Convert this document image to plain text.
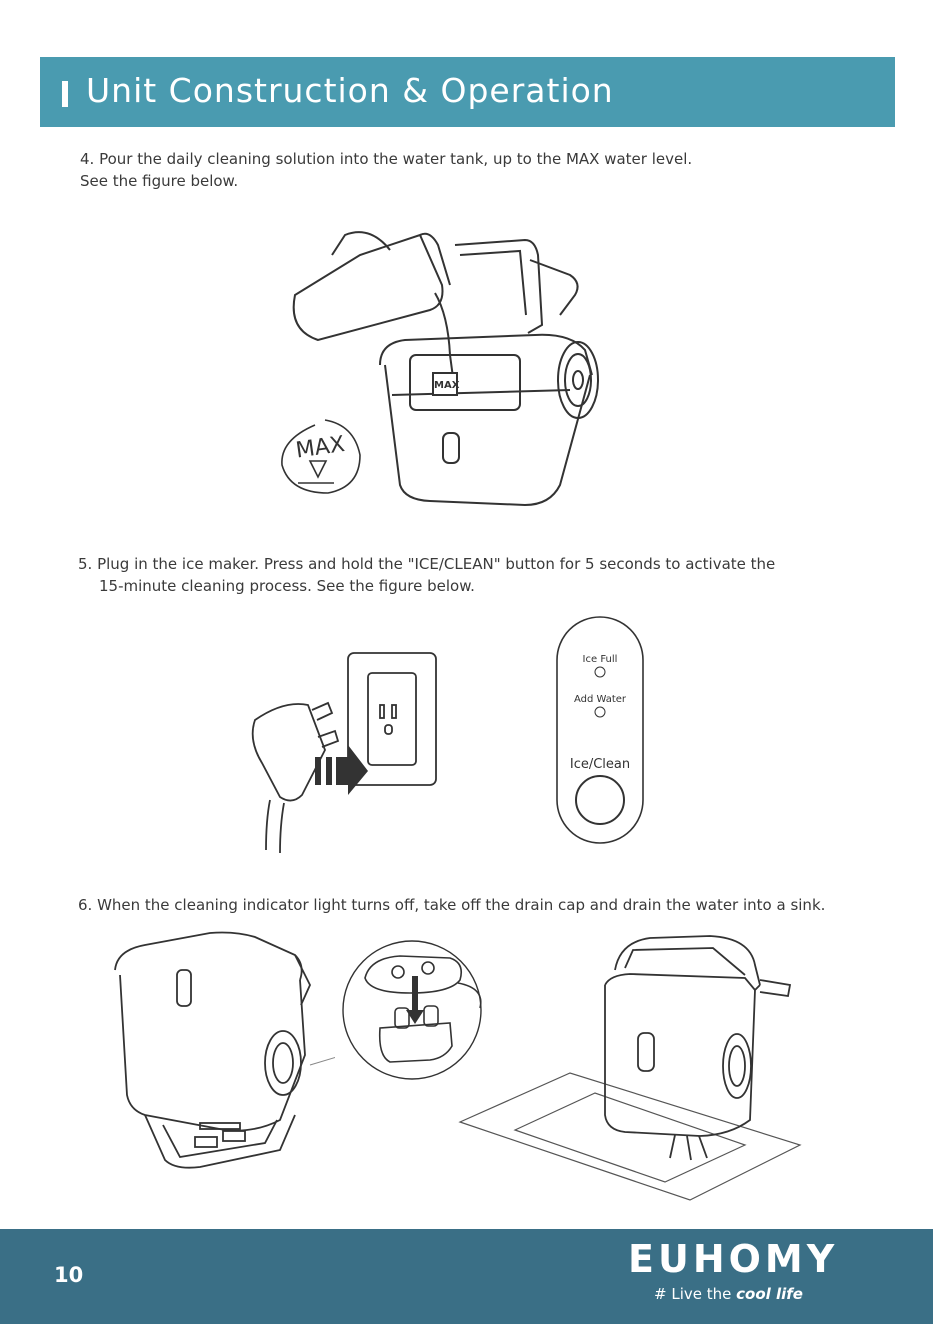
Unit Construction & Operation
4. Pour the daily cleaning solution into the water tank, up to the MAX water level.
See the figure below.
MAX
MAX
5. Plug in the ice maker. Press and hold the "ICE/CLEAN" button for 5 seconds to activate the
15-minute cleaning process. See the figure below.
Ice Full
Add Water
Ice/Clean
6. When the cleaning indicator light turns off, take off the drain cap and drain the water into a sink.
10	EUHOMY
# Live the cool life
